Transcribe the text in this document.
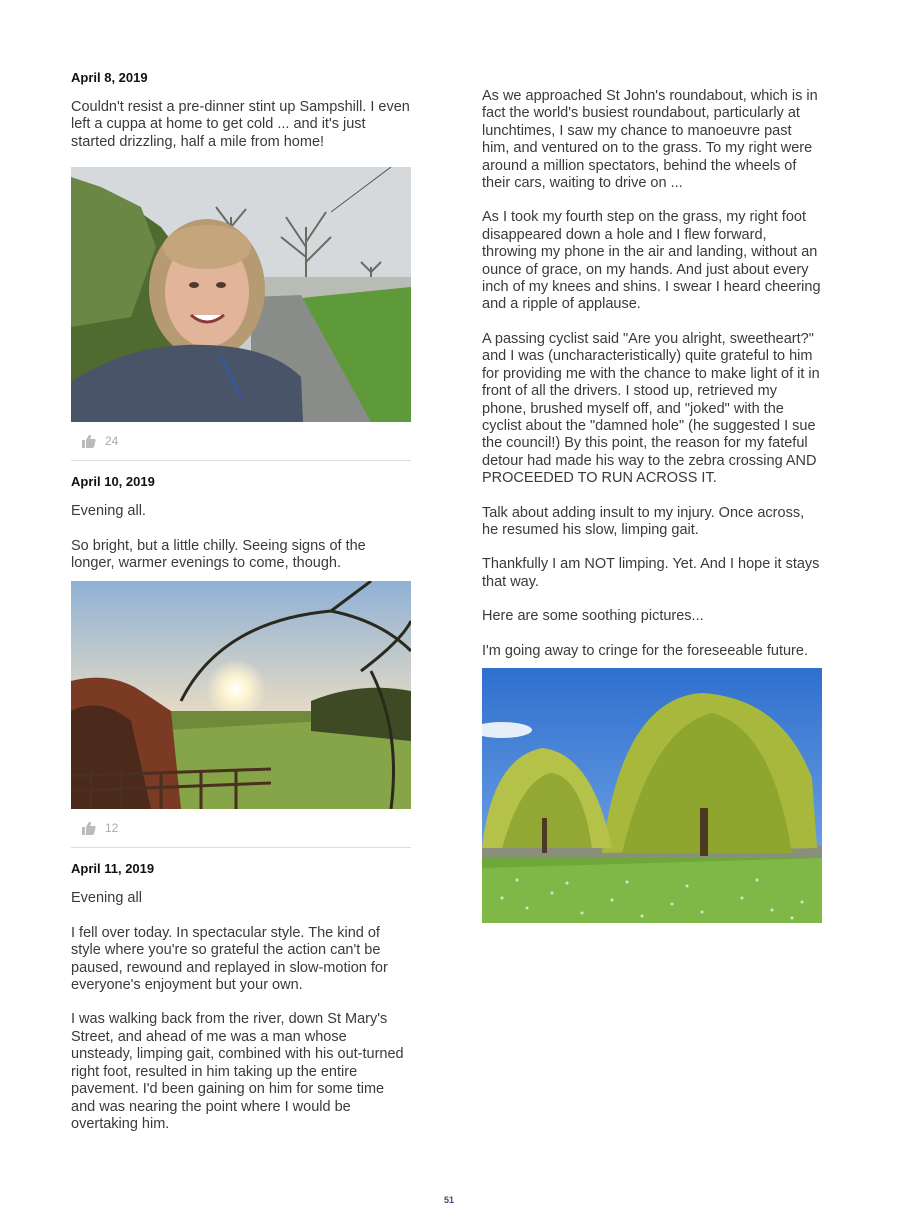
April 8, 2019

Couldn't resist a pre-dinner stint up Sampshill. I even left a cuppa at home to get cold ... and it's just started drizzling, half a mile from home!

24
April 10, 2019

Evening all.

So bright, but a little chilly. Seeing signs of the longer, warmer evenings to come, though.

12
April 11, 2019

Evening all

I fell over today. In spectacular style. The kind of style where you're so grateful the action can't be paused, rewound and replayed in slow-motion for everyone's enjoyment but your own.

I was walking back from the river, down St Mary's Street, and ahead of me was a man whose unsteady, limping gait, combined with his out-turned right foot, resulted in him taking up the entire pavement. I'd been gaining on him for some time and was nearing the point where I would be overtaking him.

As we approached St John's roundabout, which is in fact the world's busiest roundabout, particularly at lunchtimes, I saw my chance to manoeuvre past him, and ventured on to the grass. To my right were around a million spectators, behind the wheels of their cars, waiting to drive on ...

As I took my fourth step on the grass, my right foot disappeared down a hole and I flew forward, throwing my phone in the air and landing, without an ounce of grace, on my hands. And just about every inch of my knees and shins. I swear I heard cheering and a ripple of applause.

A passing cyclist said "Are you alright, sweetheart?" and I was (uncharacteristically) quite grateful to him for providing me with the chance to make light of it in front of all the drivers. I stood up, retrieved my phone, brushed myself off, and "joked" with the cyclist about the "damned hole" (he suggested I sue the council!) By this point, the reason for my fateful detour had made his way to the zebra crossing AND PROCEEDED TO RUN ACROSS IT.

Talk about adding insult to my injury. Once across, he resumed his slow, limping gait.

Thankfully I am NOT limping. Yet. And I hope it stays that way.

Here are some soothing pictures...

I'm going away to cringe for the foreseeable future.

51
